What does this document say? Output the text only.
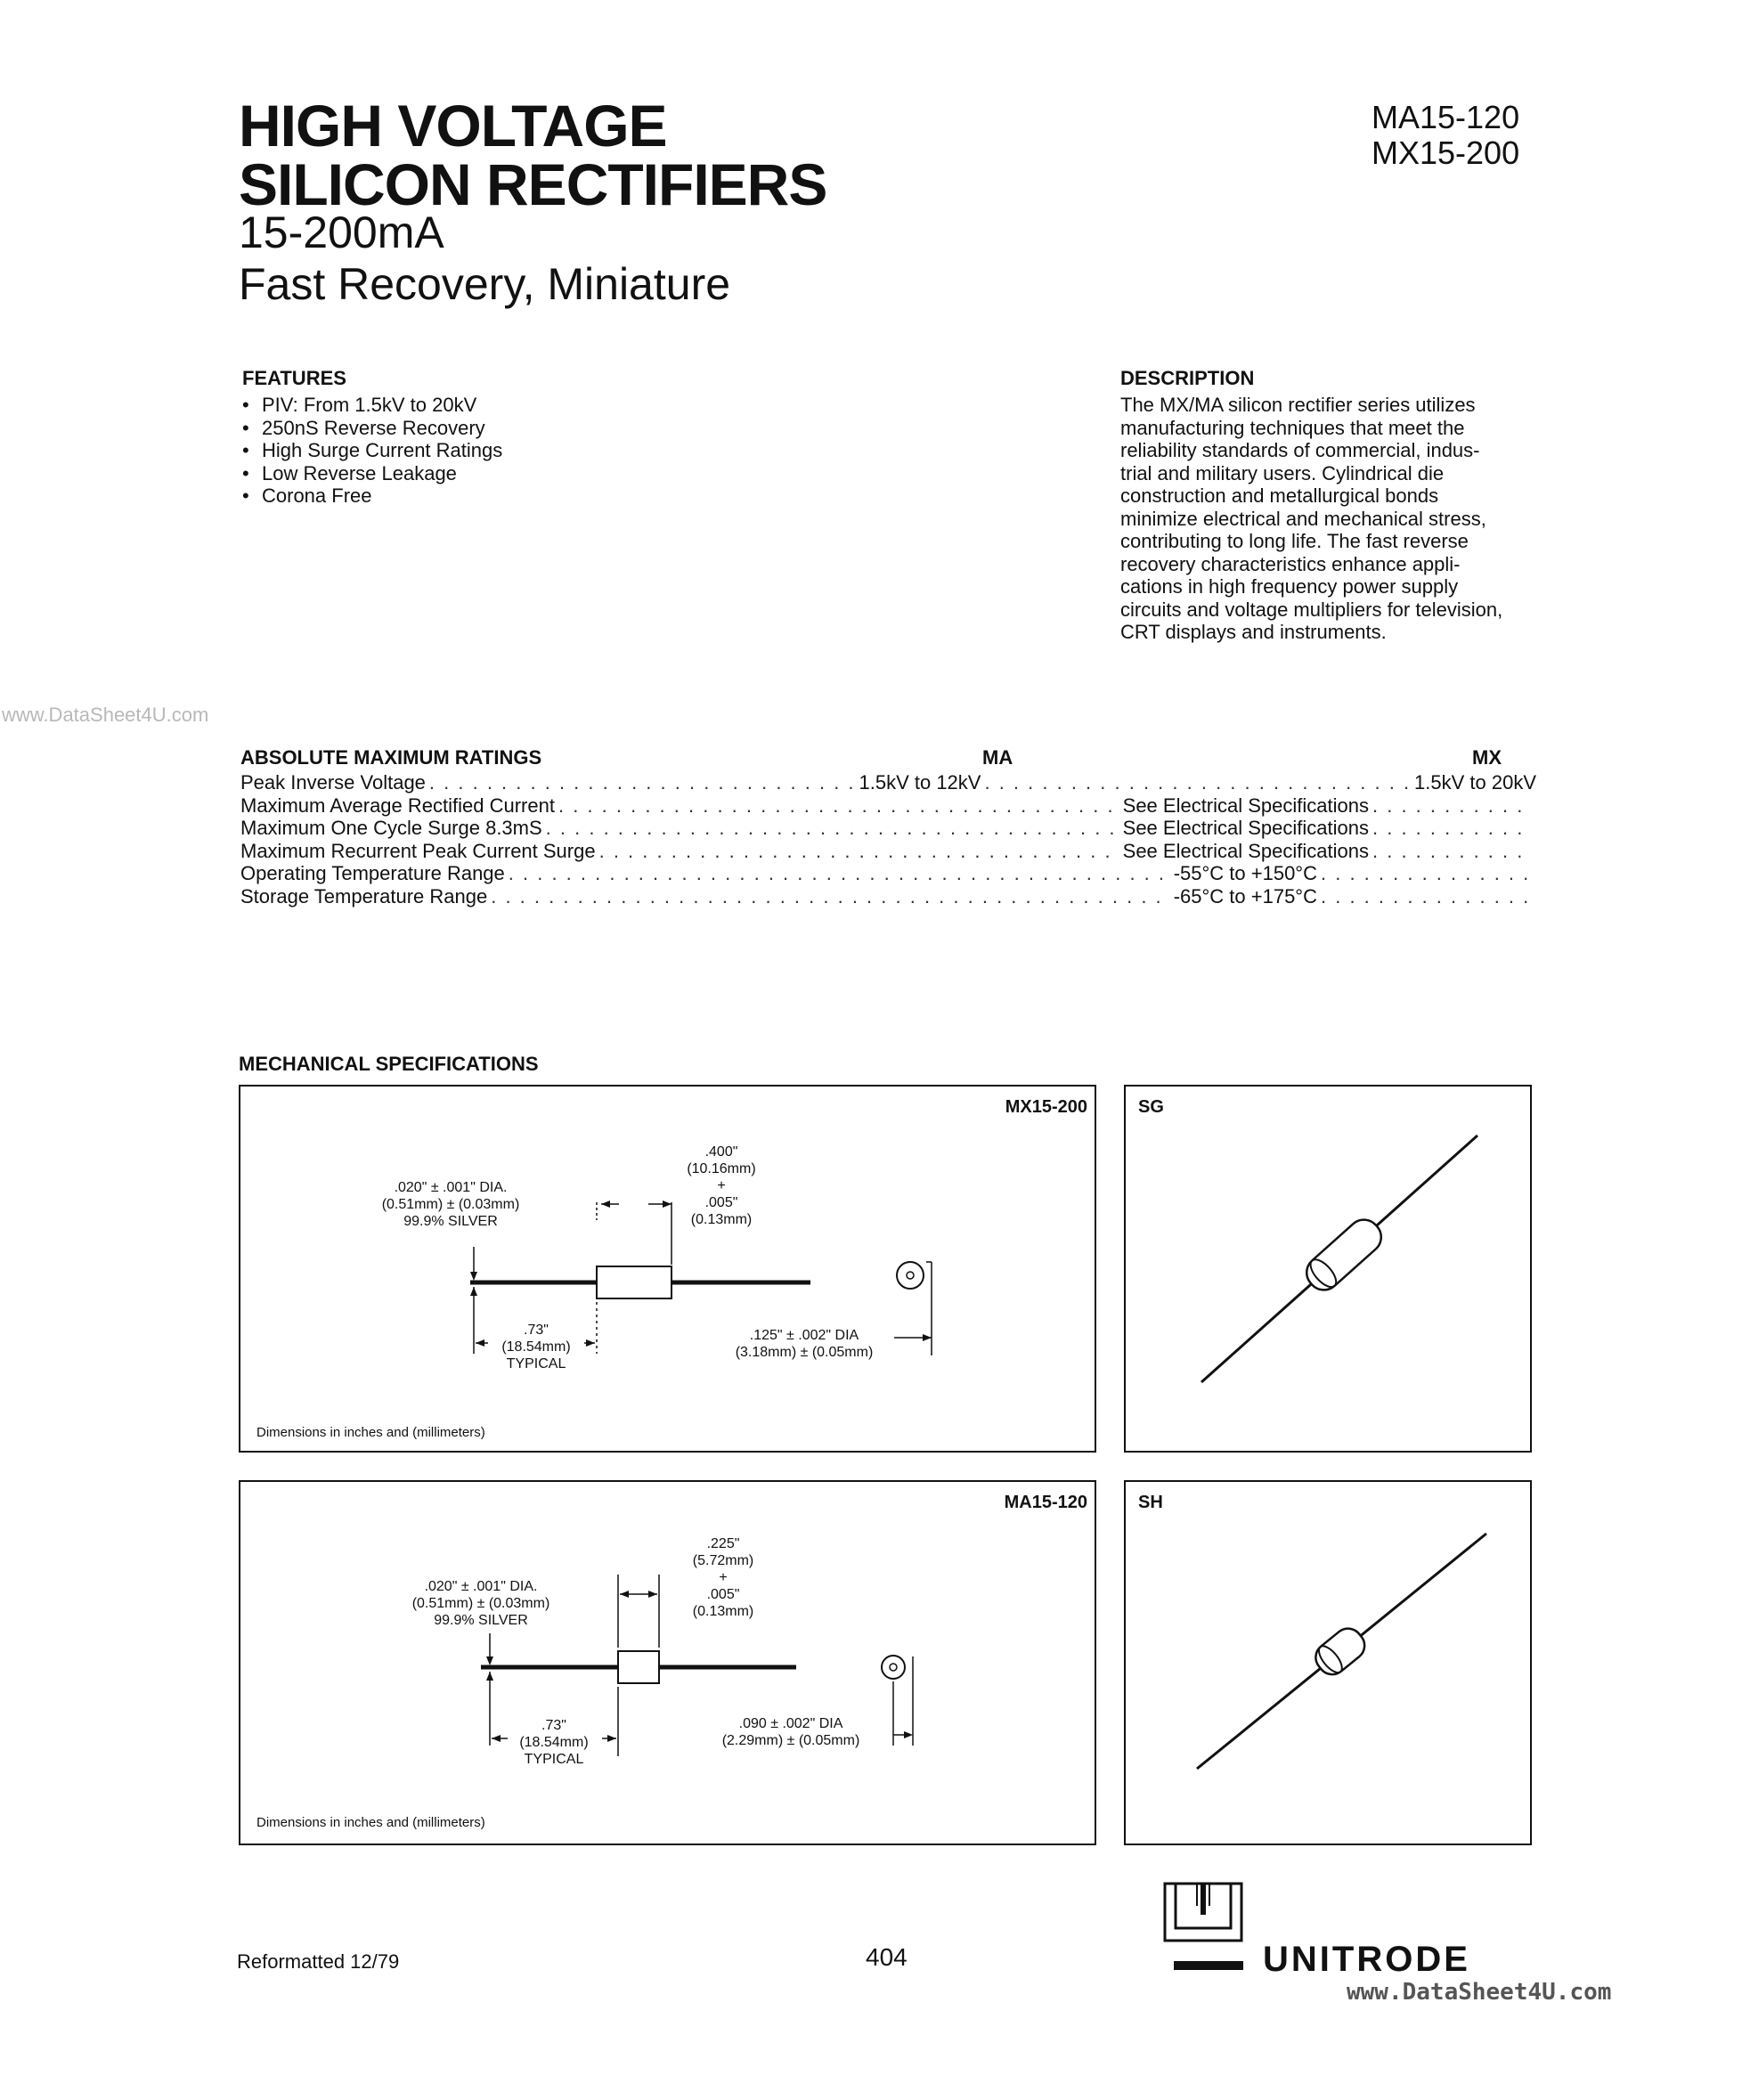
HIGH VOLTAGE
SILICON RECTIFIERS
15-200mA
Fast Recovery, Miniature
MA15-120
MX15-200
FEATURES
• PIV: From 1.5kV to 20kV
• 250nS Reverse Recovery
• High Surge Current Ratings
• Low Reverse Leakage
• Corona Free
DESCRIPTION
The MX/MA silicon rectifier series utilizes
manufacturing techniques that meet the
reliability standards of commercial, indus-
trial and military users. Cylindrical die
construction and metallurgical bonds
minimize electrical and mechanical stress,
contributing to long life. The fast reverse
recovery characteristics enhance appli-
cations in high frequency power supply
circuits and voltage multipliers for television,
CRT displays and instruments.
www.DataSheet4U.com
ABSOLUTE MAXIMUM RATINGS	MA	MX
Peak Inverse Voltage . . .	1.5kV to 12kV . . .	1.5kV to 20kV
Maximum Average Rectified Current . . .	See Electrical Specifications
. . .
Maximum One Cycle Surge 8.3mS . . .	See Electrical Specifications
. . .
Maximum Recurrent Peak Current Surge . . .	See Electrical Specifications
. . .
Operating Temperature Range . . .	-55°C to +150°C
. . .
Storage Temperature Range . . .	-65°C to +175°C
. . .
MECHANICAL SPECIFICATIONS
MX15-200
.020" ± .001" DIA.
(0.51mm) ± (0.03mm)
99.9% SILVER
.400"
(10.16mm)
+
.005"
(0.13mm)
.73"
(18.54mm)
TYPICAL
.125" ± .002" DIA
(3.18mm) ± (0.05mm)
Dimensions in inches and (millimeters)
SG
MA15-120
.020" ± .001" DIA.
(0.51mm) ± (0.03mm)
99.9% SILVER
.225"
(5.72mm)
+
.005"
(0.13mm)
.73"
(18.54mm)
TYPICAL
.090 ± .002" DIA
(2.29mm) ± (0.05mm)
Dimensions in inches and (millimeters)
SH
Reformatted 12/79	404	UNITRODE
www.DataSheet4U.com
